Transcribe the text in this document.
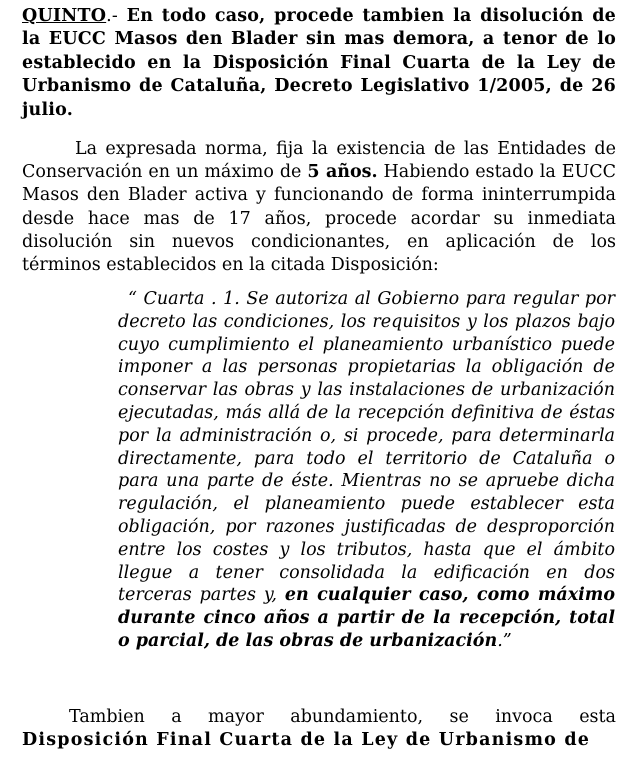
QUINTO.- En todo caso, procede tambien la disolución de la EUCC Masos den Blader sin mas demora, a tenor de lo establecido en la Disposición Final Cuarta de la Ley de Urbanismo de Cataluña, Decreto Legislativo 1/2005, de 26 julio.

La expresada norma, fija la existencia de las Entidades de Conservación en un máximo de 5 años. Habiendo estado la EUCC Masos den Blader activa y funcionando de forma ininterrumpida desde hace mas de 17 años, procede acordar su inmediata disolución sin nuevos condicionantes, en aplicación de los términos establecidos en la citada Disposición:

“ Cuarta . 1. Se autoriza al Gobierno para regular por decreto las condiciones, los requisitos y los plazos bajo cuyo cumplimiento el planeamiento urbanístico puede imponer a las personas propietarias la obligación de conservar las obras y las instalaciones de urbanización ejecutadas, más allá de la recepción definitiva de éstas por la administración o, si procede, para determinarla directamente, para todo el territorio de Cataluña o para una parte de éste. Mientras no se apruebe dicha regulación, el planeamiento puede establecer esta obligación, por razones justificadas de desproporción entre los costes y los tributos, hasta que el ámbito llegue a tener consolidada la edificación en dos terceras partes y, en cualquier caso, como máximo durante cinco años a partir de la recepción, total o parcial, de las obras de urbanización.”

Tambien a mayor abundamiento, se invoca esta Disposición Final Cuarta de la Ley de Urbanismo de
